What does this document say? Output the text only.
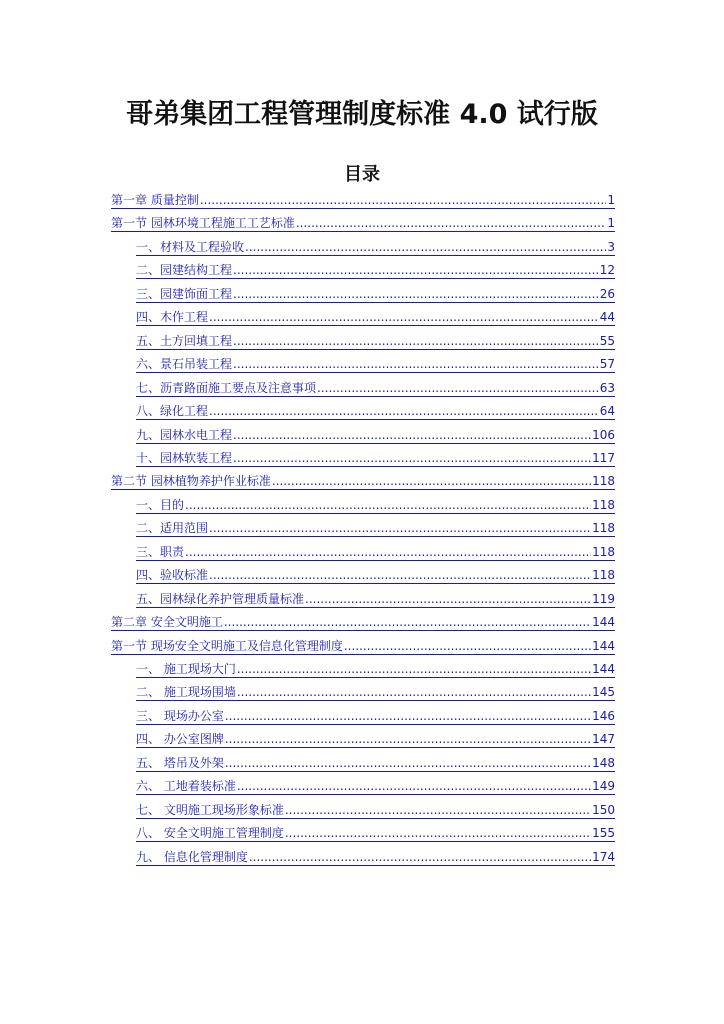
哥弟集团工程管理制度标准 4.0 试行版
目录
第一章 质量控制 .....	1
第一节 园林环境工程施工工艺标准 .....	1
一、材料及工程验收 .....	3
二、园建结构工程 .....	12
三、园建饰面工程 .....	26
四、木作工程 .....	44
五、土方回填工程 .....	55
六、景石吊装工程 .....	57
七、沥青路面施工要点及注意事项 .....	63
八、绿化工程 .....	64
九、园林水电工程 .....	106
十、园林软装工程 .....	117
第二节 园林植物养护作业标准 .....	118
一、目的 .....	118
二、适用范围 .....	118
三、职责 .....	118
四、验收标准 .....	118
五、园林绿化养护管理质量标准 .....	119
第二章 安全文明施工 .....	144
第一节 现场安全文明施工及信息化管理制度 .....	144
一、 施工现场大门 .....	144
二、 施工现场围墙 .....	145
三、 现场办公室 .....	146
四、 办公室图牌 .....	147
五、 塔吊及外架 .....	148
六、 工地着装标准 .....	149
七、 文明施工现场形象标准 .....	150
八、 安全文明施工管理制度 .....	155
九、 信息化管理制度 .....	174
